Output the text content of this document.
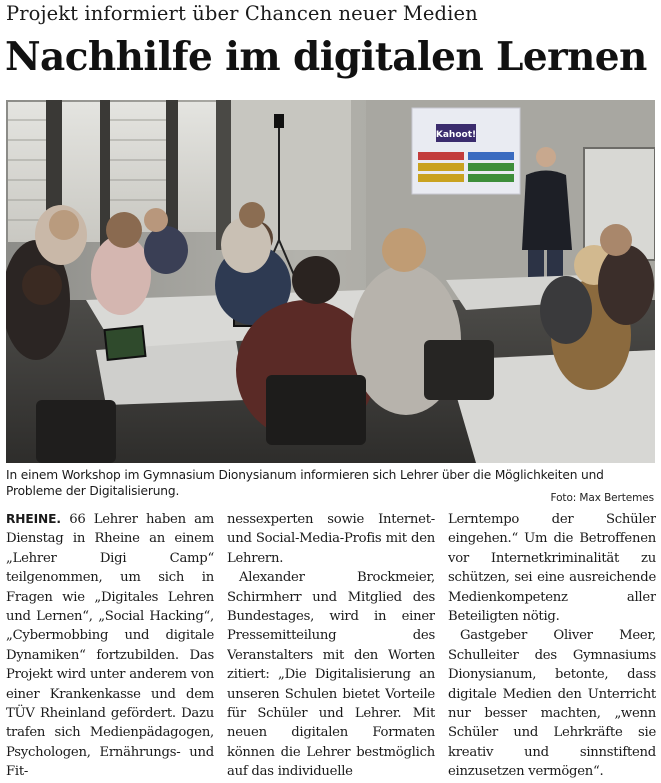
Projekt informiert über Chancen neuer Medien
Nachhilfe im digitalen Lernen
Kahoot!
In einem Workshop im Gymnasium Dionysianum informieren sich Lehrer über die Möglichkeiten und Probleme der Digitalisierung.
Foto: Max Bertemes

RHEINE. 66 Lehrer haben am Dienstag in Rheine an einem „Lehrer Digi Camp“ teilgenommen, um sich in Fragen wie „Digitales Lehren und Lernen“, „Social Hacking“, „Cybermobbing und digitale Dynamiken“ fortzubilden. Das Projekt wird unter anderem von einer Krankenkasse und dem TÜV Rheinland gefördert. Dazu trafen sich Medienpädagogen, Psychologen, Ernährungs- und Fit-

nessexperten sowie Internet- und Social-Media-Profis mit den Lehrern.

Alexander Brockmeier, Schirmherr und Mitglied des Bundestages, wird in einer Pressemitteilung des Veranstalters mit den Worten zitiert: „Die Digitalisierung an unseren Schulen bietet Vorteile für Schüler und Lehrer. Mit neuen digitalen Formaten können die Lehrer bestmöglich auf das individuelle

Lerntempo der Schüler eingehen.“ Um die Betroffenen vor Internetkriminalität zu schützen, sei eine ausreichende Medienkompetenz aller Beteiligten nötig.

Gastgeber Oliver Meer, Schulleiter des Gymnasiums Dionysianum, betonte, dass digitale Medien den Unterricht nur besser machten, „wenn Schüler und Lehrkräfte sie kreativ und sinnstiftend einzusetzen vermögen“.
